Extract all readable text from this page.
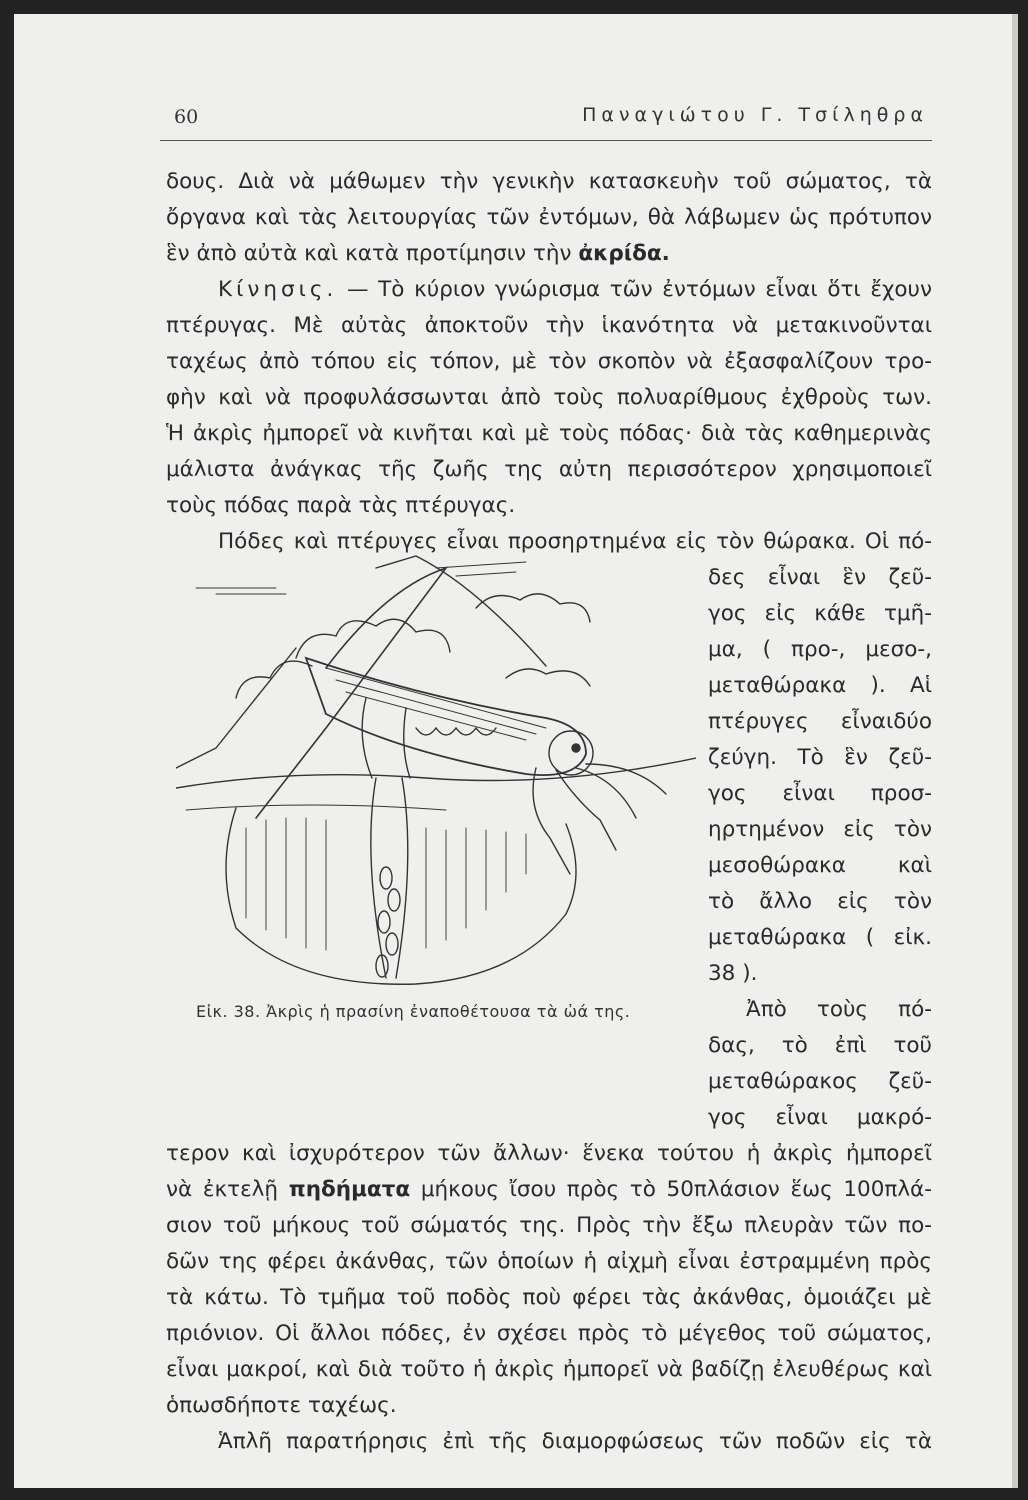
60	Παναγιώτου Γ. Τσίληθρα
δους. Διὰ νὰ μάθωμεν τὴν γενικὴν κατασκευὴν τοῦ σώματος, τὰ
ὄργανα καὶ τὰς λειτουργίας τῶν ἐντόμων, θὰ λάβωμεν ὡς πρότυπον
ἓν ἀπὸ αὐτὰ καὶ κατὰ προτίμησιν τὴν ἀκρίδα.
Κίνησις. — Τὸ κύριον γνώρισμα τῶν ἐντόμων εἶναι ὅτι ἔχουν
πτέρυγας. Μὲ αὐτὰς ἀποκτοῦν τὴν ἱκανότητα νὰ μετακινοῦνται
ταχέως ἀπὸ τόπου εἰς τόπον, μὲ τὸν σκοπὸν νὰ ἐξασφαλίζουν τρο-
φὴν καὶ νὰ προφυλάσσωνται ἀπὸ τοὺς πολυαρίθμους ἐχθροὺς των.
Ἡ ἀκρὶς ἠμπορεῖ νὰ κινῆται καὶ μὲ τοὺς πόδας· διὰ τὰς καθημερινὰς
μάλιστα ἀνάγκας τῆς ζωῆς της αὐτη περισσότερον χρησιμοποιεῖ
τοὺς πόδας παρὰ τὰς πτέρυγας.
Πόδες καὶ πτέρυγες εἶναι προσηρτημένα εἰς τὸν θώρακα. Οἱ πό-
δες εἶναι ἓν ζεῦ-
γος εἰς κάθε τμῆ-
μα, ( προ-, μεσο-,
μεταθώρακα ). Αἱ
πτέρυγες εἶναιδύο
ζεύγη. Τὸ ἓν ζεῦ-
γος εἶναι προσ-
ηρτημένον εἰς τὸν
μεσοθώρακα καὶ
τὸ ἄλλο εἰς τὸν
μεταθώρακα ( εἰκ.
38 ).
Ἀπὸ τοὺς πό-
δας, τὸ ἐπὶ τοῦ
μεταθώρακος ζεῦ-
γος εἶναι μακρό-
Εἰκ. 38. Ἀκρὶς ἡ πρασίνη ἐναποθέτουσα τὰ ὠά της.
τερον καὶ ἰσχυρότερον τῶν ἄλλων· ἕνεκα τούτου ἡ ἀκρὶς ἠμπορεῖ
νὰ ἐκτελῇ πηδήματα μήκους ἴσου πρὸς τὸ 50πλάσιον ἕως 100πλά-
σιον τοῦ μήκους τοῦ σώματός της. Πρὸς τὴν ἔξω πλευρὰν τῶν πο-
δῶν της φέρει ἀκάνθας, τῶν ὁποίων ἡ αἰχμὴ εἶναι ἐστραμμένη πρὸς
τὰ κάτω. Τὸ τμῆμα τοῦ ποδὸς ποὺ φέρει τὰς ἀκάνθας, ὁμοιάζει μὲ
πριόνιον. Οἱ ἄλλοι πόδες, ἐν σχέσει πρὸς τὸ μέγεθος τοῦ σώματος,
εἶναι μακροί, καὶ διὰ τοῦτο ἡ ἀκρὶς ἠμπορεῖ νὰ βαδίζῃ ἐλευθέρως καὶ
ὁπωσδήποτε ταχέως.
Ἁπλῆ παρατήρησις ἐπὶ τῆς διαμορφώσεως τῶν ποδῶν εἰς τὰ
